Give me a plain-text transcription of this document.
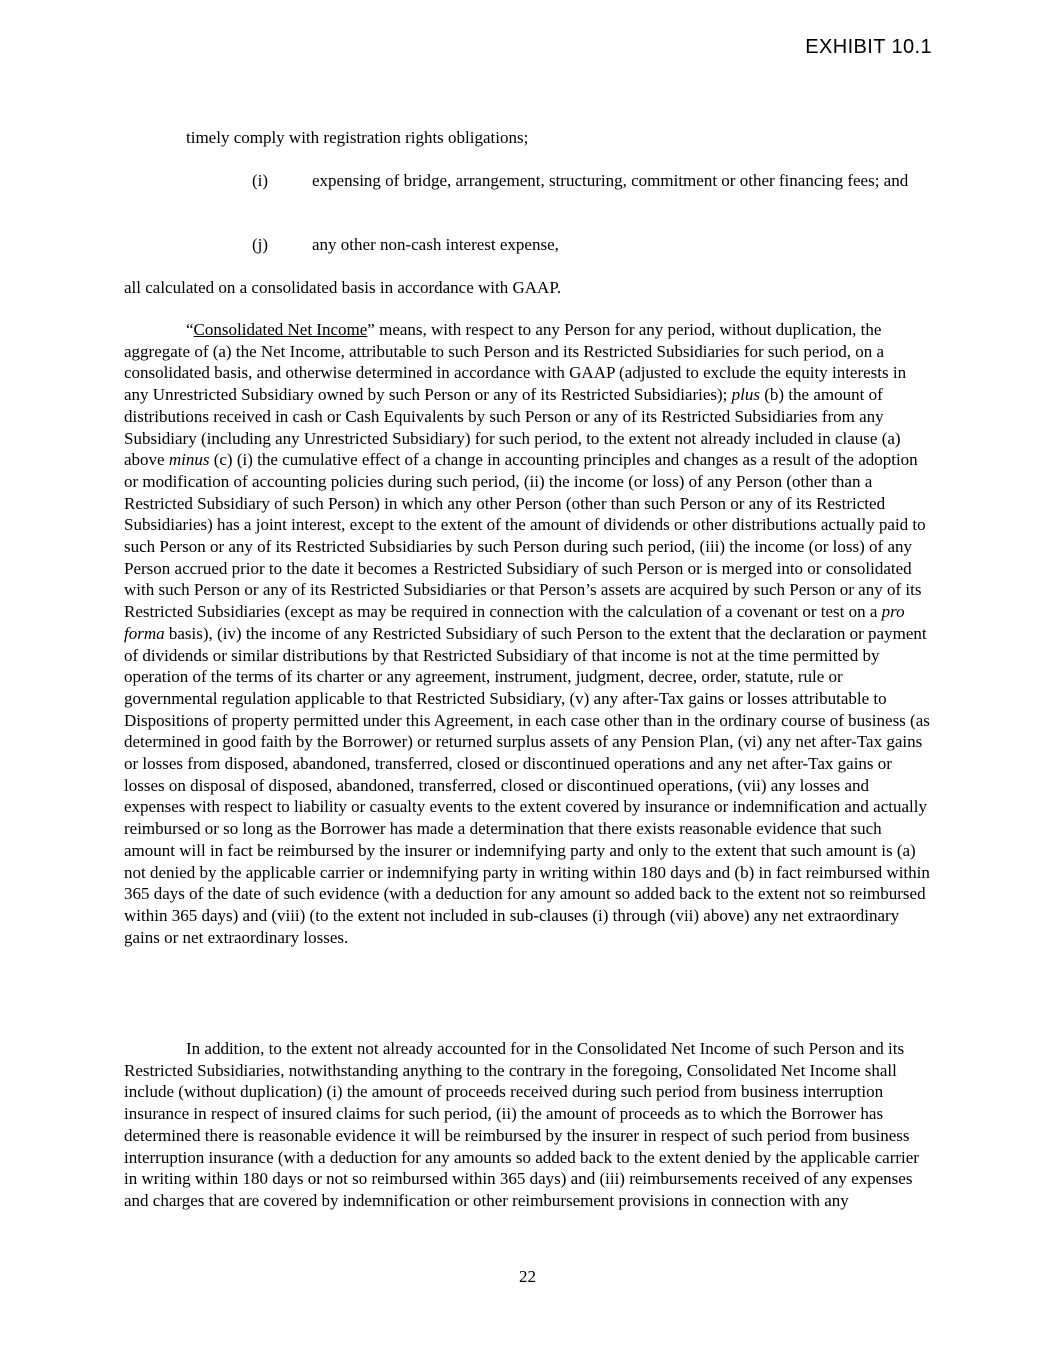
EXHIBIT 10.1

timely comply with registration rights obligations;

(i)	expensing of bridge, arrangement, structuring, commitment or other financing fees; and

(j)	any other non-cash interest expense,

all calculated on a consolidated basis in accordance with GAAP.

“Consolidated Net Income” means, with respect to any Person for any period, without duplication, the aggregate of (a) the Net Income, attributable to such Person and its Restricted Subsidiaries for such period, on a consolidated basis, and otherwise determined in accordance with GAAP (adjusted to exclude the equity interests in any Unrestricted Subsidiary owned by such Person or any of its Restricted Subsidiaries); plus (b) the amount of distributions received in cash or Cash Equivalents by such Person or any of its Restricted Subsidiaries from any Subsidiary (including any Unrestricted Subsidiary) for such period, to the extent not already included in clause (a) above minus (c) (i) the cumulative effect of a change in accounting principles and changes as a result of the adoption or modification of accounting policies during such period, (ii) the income (or loss) of any Person (other than a Restricted Subsidiary of such Person) in which any other Person (other than such Person or any of its Restricted Subsidiaries) has a joint interest, except to the extent of the amount of dividends or other distributions actually paid to such Person or any of its Restricted Subsidiaries by such Person during such period, (iii) the income (or loss) of any Person accrued prior to the date it becomes a Restricted Subsidiary of such Person or is merged into or consolidated with such Person or any of its Restricted Subsidiaries or that Person’s assets are acquired by such Person or any of its Restricted Subsidiaries (except as may be required in connection with the calculation of a covenant or test on a pro forma basis), (iv) the income of any Restricted Subsidiary of such Person to the extent that the declaration or payment of dividends or similar distributions by that Restricted Subsidiary of that income is not at the time permitted by operation of the terms of its charter or any agreement, instrument, judgment, decree, order, statute, rule or governmental regulation applicable to that Restricted Subsidiary, (v) any after-Tax gains or losses attributable to Dispositions of property permitted under this Agreement, in each case other than in the ordinary course of business (as determined in good faith by the Borrower) or returned surplus assets of any Pension Plan, (vi) any net after-Tax gains or losses from disposed, abandoned, transferred, closed or discontinued operations and any net after-Tax gains or losses on disposal of disposed, abandoned, transferred, closed or discontinued operations, (vii) any losses and expenses with respect to liability or casualty events to the extent covered by insurance or indemnification and actually reimbursed or so long as the Borrower has made a determination that there exists reasonable evidence that such amount will in fact be reimbursed by the insurer or indemnifying party and only to the extent that such amount is (a) not denied by the applicable carrier or indemnifying party in writing within 180 days and (b) in fact reimbursed within 365 days of the date of such evidence (with a deduction for any amount so added back to the extent not so reimbursed within 365 days) and (viii) (to the extent not included in sub-clauses (i) through (vii) above) any net extraordinary gains or net extraordinary losses.

In addition, to the extent not already accounted for in the Consolidated Net Income of such Person and its Restricted Subsidiaries, notwithstanding anything to the contrary in the foregoing, Consolidated Net Income shall include (without duplication) (i) the amount of proceeds received during such period from business interruption insurance in respect of insured claims for such period, (ii) the amount of proceeds as to which the Borrower has determined there is reasonable evidence it will be reimbursed by the insurer in respect of such period from business interruption insurance (with a deduction for any amounts so added back to the extent denied by the applicable carrier in writing within 180 days or not so reimbursed within 365 days) and (iii) reimbursements received of any expenses and charges that are covered by indemnification or other reimbursement provisions in connection with any

22
